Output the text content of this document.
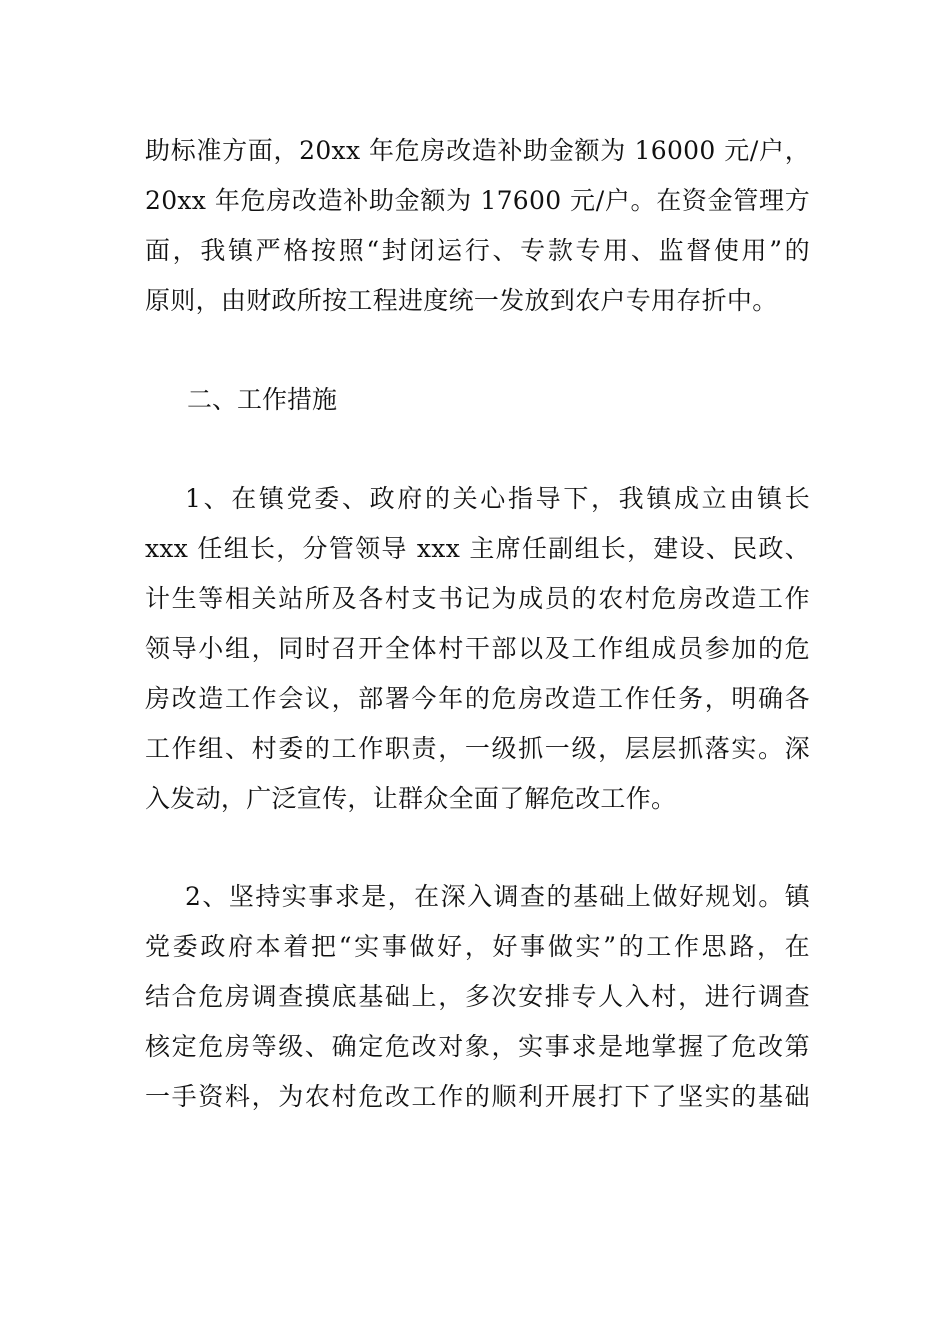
助标准方面，20xx 年危房改造补助金额为 16000 元/户，
20xx 年危房改造补助金额为 17600 元/户。在资金管理方
面，我镇严格按照“封闭运行、专款专用、监督使用”的
原则，由财政所按工程进度统一发放到农户专用存折中。
二、工作措施
1、在镇党委、政府的关心指导下，我镇成立由镇长
xxx 任组长，分管领导 xxx 主席任副组长，建设、民政、
计生等相关站所及各村支书记为成员的农村危房改造工作
领导小组，同时召开全体村干部以及工作组成员参加的危
房改造工作会议，部署今年的危房改造工作任务，明确各
工作组、村委的工作职责，一级抓一级，层层抓落实。深
入发动，广泛宣传，让群众全面了解危改工作。
2、坚持实事求是，在深入调查的基础上做好规划。镇
党委政府本着把“实事做好，好事做实”的工作思路，在
结合危房调查摸底基础上，多次安排专人入村，进行调查
核定危房等级、确定危改对象，实事求是地掌握了危改第
一手资料，为农村危改工作的顺利开展打下了坚实的基础
